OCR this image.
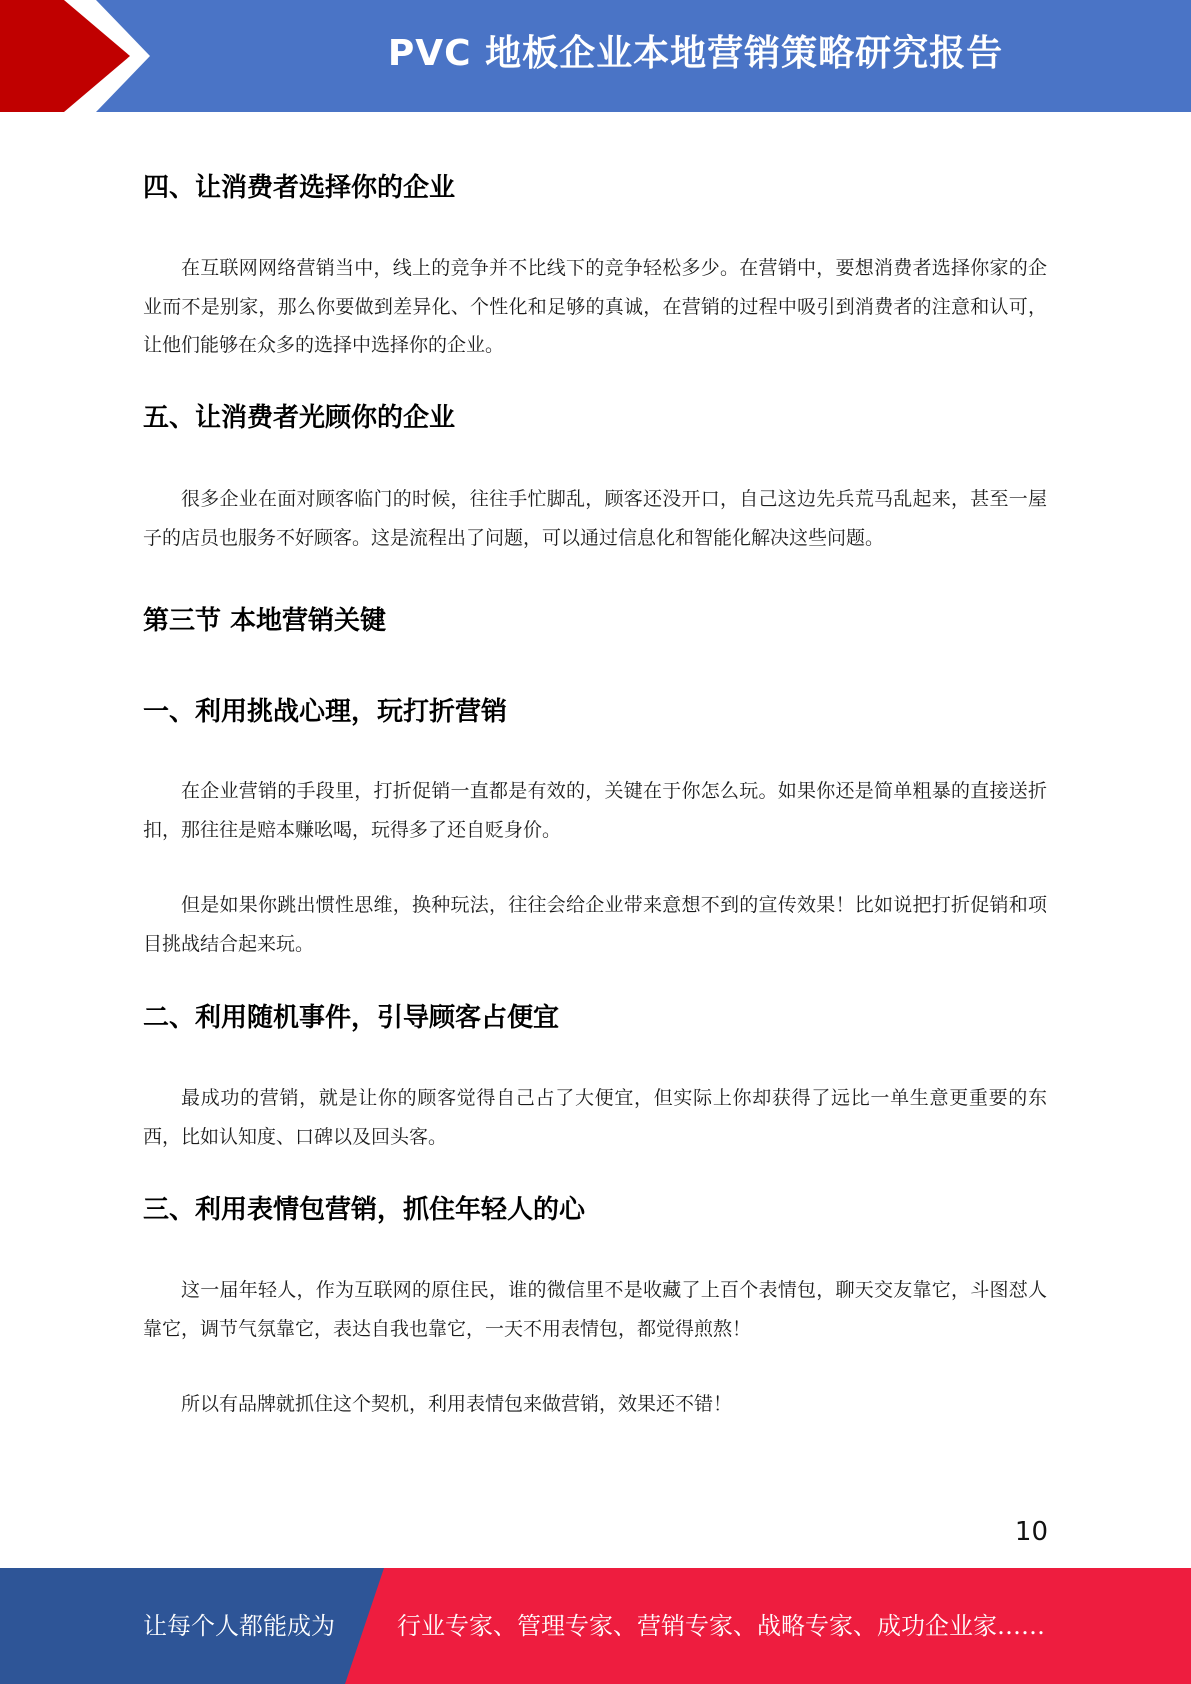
PVC 地板企业本地营销策略研究报告
四、让消费者选择你的企业

在互联网网络营销当中，线上的竞争并不比线下的竞争轻松多少。在营销中，要想消费者选择你家的企业而不是别家，那么你要做到差异化、个性化和足够的真诚，在营销的过程中吸引到消费者的注意和认可，让他们能够在众多的选择中选择你的企业。

五、让消费者光顾你的企业

很多企业在面对顾客临门的时候，往往手忙脚乱，顾客还没开口，自己这边先兵荒马乱起来，甚至一屋子的店员也服务不好顾客。这是流程出了问题，可以通过信息化和智能化解决这些问题。

第三节 本地营销关键
一、利用挑战心理，玩打折营销

在企业营销的手段里，打折促销一直都是有效的，关键在于你怎么玩。如果你还是简单粗暴的直接送折扣，那往往是赔本赚吆喝，玩得多了还自贬身价。

但是如果你跳出惯性思维，换种玩法，往往会给企业带来意想不到的宣传效果！比如说把打折促销和项目挑战结合起来玩。

二、利用随机事件，引导顾客占便宜

最成功的营销，就是让你的顾客觉得自己占了大便宜，但实际上你却获得了远比一单生意更重要的东西，比如认知度、口碑以及回头客。

三、利用表情包营销，抓住年轻人的心

这一届年轻人，作为互联网的原住民，谁的微信里不是收藏了上百个表情包，聊天交友靠它，斗图怼人靠它，调节气氛靠它，表达自我也靠它，一天不用表情包，都觉得煎熬！

所以有品牌就抓住这个契机，利用表情包来做营销，效果还不错！

10
让每个人都能成为	行业专家、管理专家、营销专家、战略专家、成功企业家……
